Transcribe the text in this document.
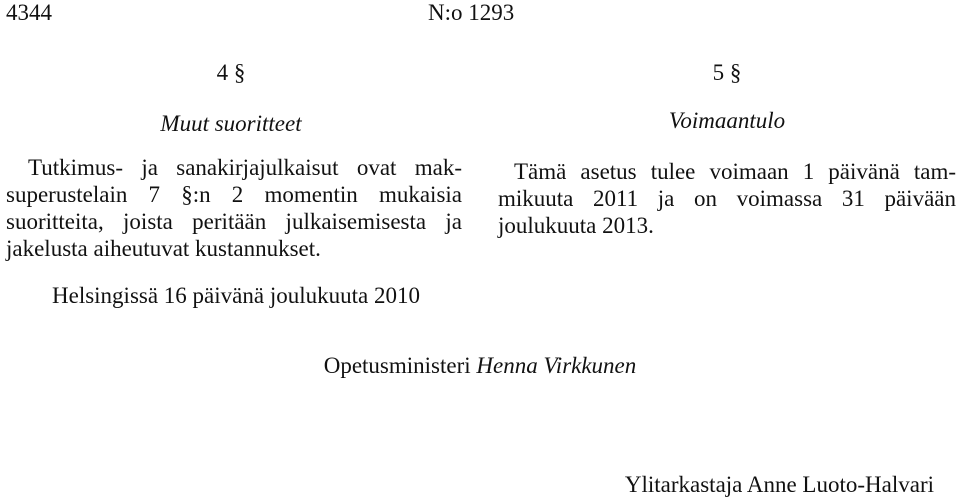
4344	N:o 1293
4 §
Muut suoritteet
Tutkimus- ja sanakirjajulkaisut ovat mak-
superustelain 7 §:n 2 momentin mukaisia
suoritteita, joista peritään julkaisemisesta ja
jakelusta aiheutuvat kustannukset.
5 §
Voimaantulo
Tämä asetus tulee voimaan 1 päivänä tam-
mikuuta 2011 ja on voimassa 31 päivään
joulukuuta 2013.
Helsingissä 16 päivänä joulukuuta 2010
Opetusministeri Henna Virkkunen
Ylitarkastaja Anne Luoto-Halvari
